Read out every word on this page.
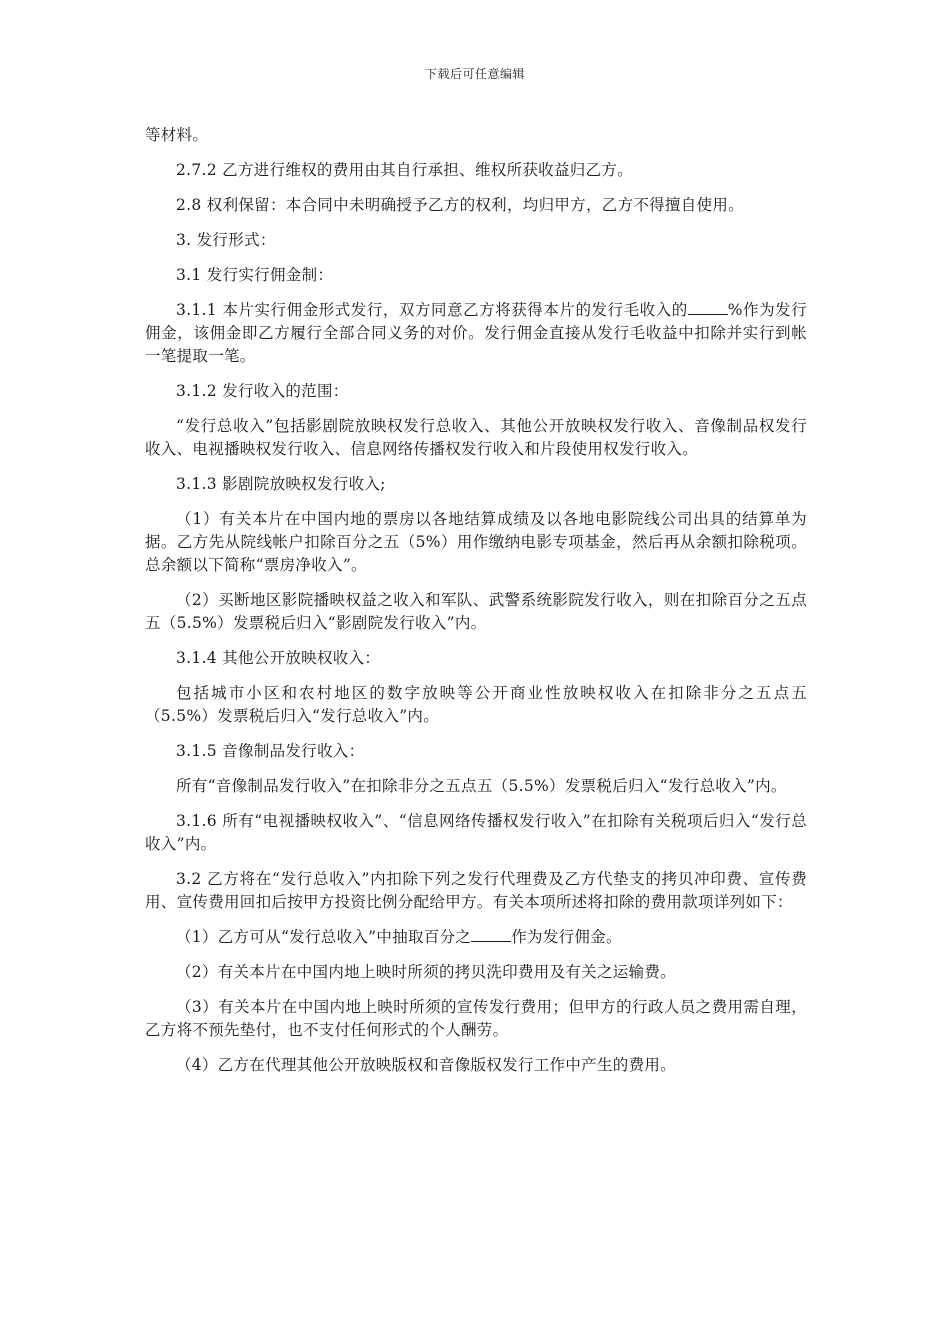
下载后可任意编辑

等材料。

2.7.2 乙方进行维权的费用由其自行承担、维权所获收益归乙方。

2.8 权利保留：本合同中未明确授予乙方的权利，均归甲方，乙方不得擅自使用。

3. 发行形式：

3.1 发行实行佣金制：

3.1.1 本片实行佣金形式发行，双方同意乙方将获得本片的发行毛收入的	%作为发行佣金，该佣金即乙方履行全部合同义务的对价。发行佣金直接从发行毛收益中扣除并实行到帐一笔提取一笔。

3.1.2 发行收入的范围：

“发行总收入”包括影剧院放映权发行总收入、其他公开放映权发行收入、音像制品权发行收入、电视播映权发行收入、信息网络传播权发行收入和片段使用权发行收入。

3.1.3 影剧院放映权发行收入;

（1）有关本片在中国内地的票房以各地结算成绩及以各地电影院线公司出具的结算单为据。乙方先从院线帐户扣除百分之五（5%）用作缴纳电影专项基金，然后再从余额扣除税项。总余额以下简称“票房净收入”。

（2）买断地区影院播映权益之收入和军队、武警系统影院发行收入，则在扣除百分之五点五（5.5%）发票税后归入“影剧院发行收入”内。

3.1.4 其他公开放映权收入：

包括城市小区和农村地区的数字放映等公开商业性放映权收入在扣除非分之五点五（5.5%）发票税后归入“发行总收入”内。

3.1.5 音像制品发行收入：

所有“音像制品发行收入”在扣除非分之五点五（5.5%）发票税后归入“发行总收入”内。

3.1.6 所有“电视播映权收入”、“信息网络传播权发行收入”在扣除有关税项后归入“发行总收入”内。

3.2 乙方将在“发行总收入”内扣除下列之发行代理费及乙方代垫支的拷贝冲印费、宣传费用、宣传费用回扣后按甲方投资比例分配给甲方。有关本项所述将扣除的费用款项详列如下：

（1）乙方可从“发行总收入”中抽取百分之	作为发行佣金。

（2）有关本片在中国内地上映时所须的拷贝洗印费用及有关之运输费。

（3）有关本片在中国内地上映时所须的宣传发行费用；但甲方的行政人员之费用需自理，乙方将不预先垫付，也不支付任何形式的个人酬劳。

（4）乙方在代理其他公开放映版权和音像版权发行工作中产生的费用。
